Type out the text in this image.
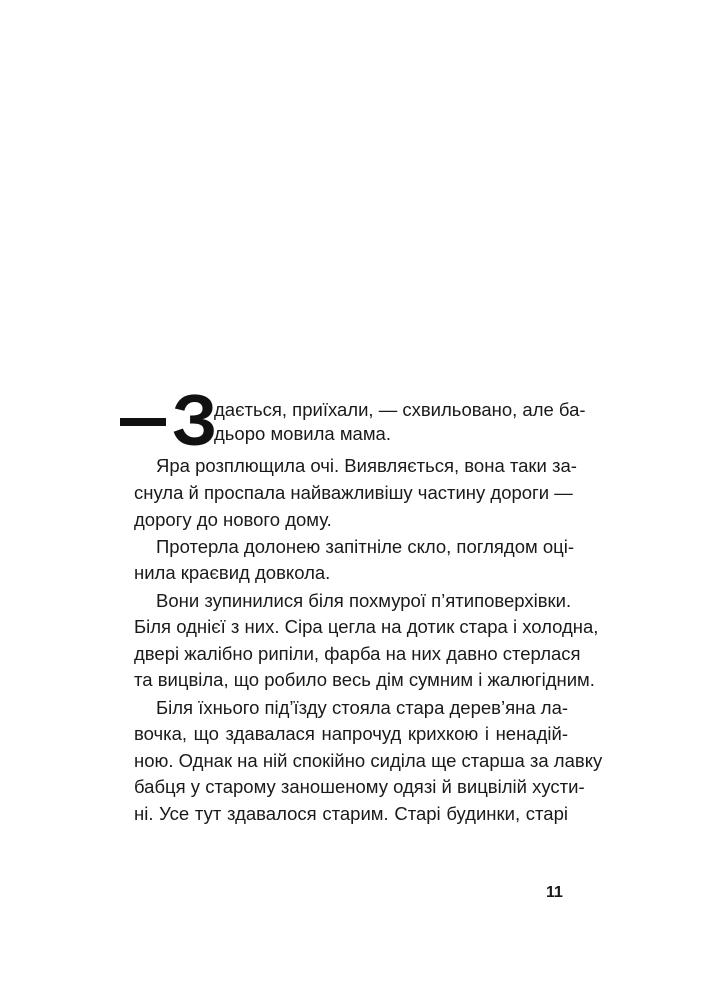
З
дається, приїхали, — схвильовано, але ба-
дьоро мовила мама.
Яра розплющила очі. Виявляється, вона таки за-
снула й проспала найважливішу частину дороги —
дорогу до нового дому.
Протерла долонею запітніле скло, поглядом оці-
нила краєвид довкола.
Вони зупинилися біля похмурої п’ятиповерхівки.
Біля однієї з них. Сіра цегла на дотик стара і холодна,
двері жалібно рипіли, фарба на них давно стерлася
та вицвіла, що робило весь дім сумним і жалюгідним.
Біля їхнього під’їзду стояла стара дерев’яна ла-
вочка, що здавалася напрочуд крихкою і ненадій-
ною. Однак на ній спокійно сиділа ще старша за лавку
бабця у старому заношеному одязі й вицвілій хусти-
ні. Усе тут здавалося старим. Старі будинки, старі
11
